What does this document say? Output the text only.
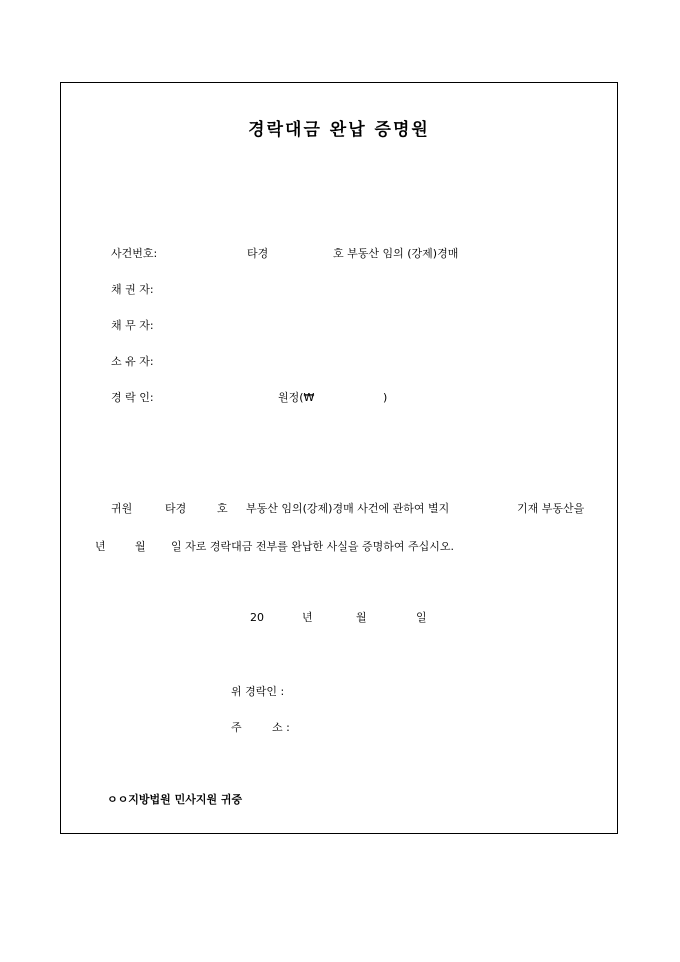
경락대금 완납 증명원
사건번호:	타경	호 부동산 임의 (강제)경매
채 권 자:
채 무 자:
소 유 자:
경 락 인:	원정(₩	)
귀원	타경	호 부동산 임의(강제)경매 사건에 관하여 별지	기재 부동산을
년	월 일 자로 경락대금 전부를 완납한 사실을 증명하여 주십시오.
20	년	월	일
위 경락인 :
주	소 :
ㅇㅇ지방법원 민사지원 귀중
